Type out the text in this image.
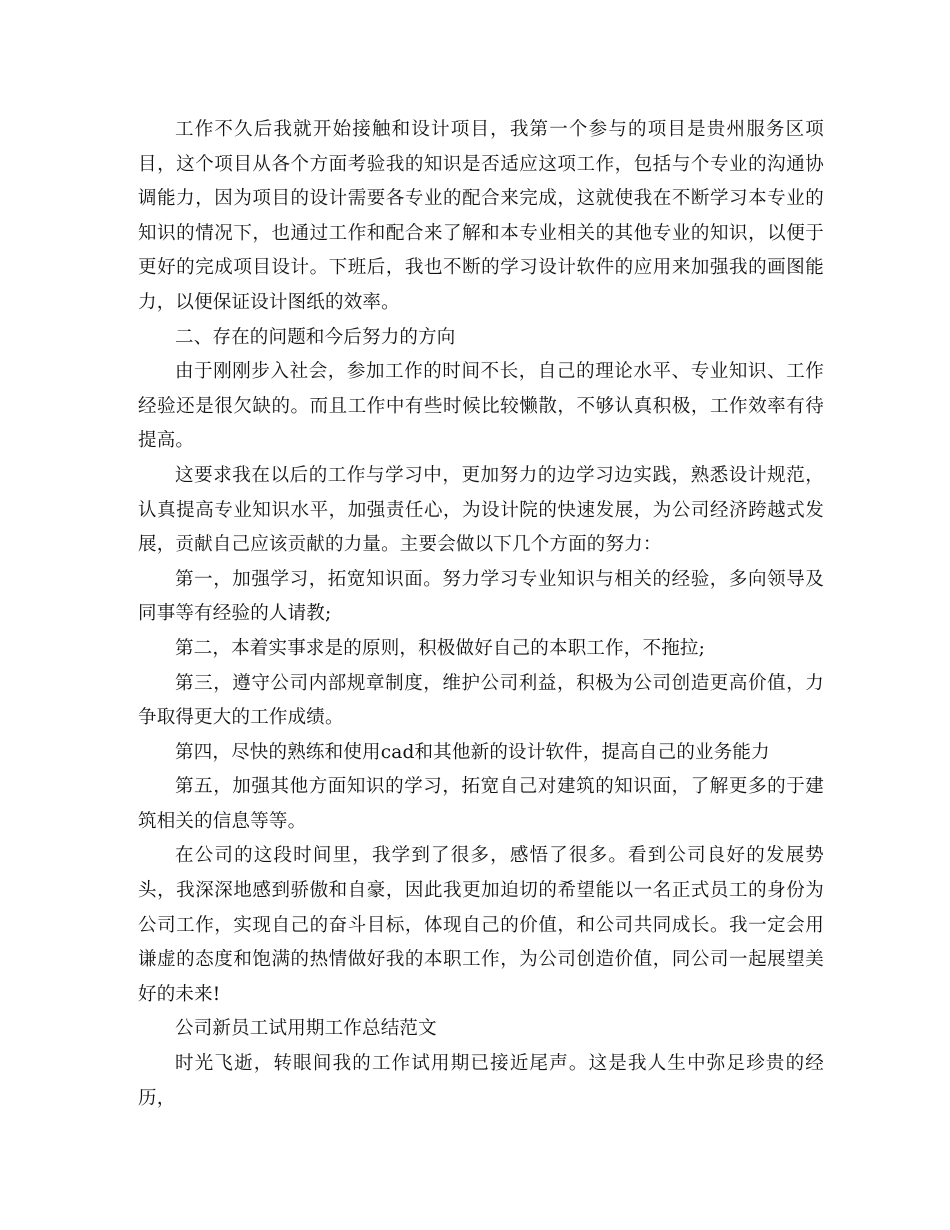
工作不久后我就开始接触和设计项目，我第一个参与的项目是贵州服务区项目，这个项目从各个方面考验我的知识是否适应这项工作，包括与个专业的沟通协调能力，因为项目的设计需要各专业的配合来完成，这就使我在不断学习本专业的知识的情况下，也通过工作和配合来了解和本专业相关的其他专业的知识，以便于更好的完成项目设计。下班后，我也不断的学习设计软件的应用来加强我的画图能力，以便保证设计图纸的效率。

二、存在的问题和今后努力的方向

由于刚刚步入社会，参加工作的时间不长，自己的理论水平、专业知识、工作经验还是很欠缺的。而且工作中有些时候比较懒散，不够认真积极，工作效率有待提高。

这要求我在以后的工作与学习中，更加努力的边学习边实践，熟悉设计规范，认真提高专业知识水平，加强责任心，为设计院的快速发展，为公司经济跨越式发展，贡献自己应该贡献的力量。主要会做以下几个方面的努力：

第一，加强学习，拓宽知识面。努力学习专业知识与相关的经验，多向领导及同事等有经验的人请教;

第二，本着实事求是的原则，积极做好自己的本职工作，不拖拉;

第三，遵守公司内部规章制度，维护公司利益，积极为公司创造更高价值，力争取得更大的工作成绩。

第四，尽快的熟练和使用cad和其他新的设计软件，提高自己的业务能力

第五，加强其他方面知识的学习，拓宽自己对建筑的知识面，了解更多的于建筑相关的信息等等。

在公司的这段时间里，我学到了很多，感悟了很多。看到公司良好的发展势头，我深深地感到骄傲和自豪，因此我更加迫切的希望能以一名正式员工的身份为公司工作，实现自己的奋斗目标，体现自己的价值，和公司共同成长。我一定会用谦虚的态度和饱满的热情做好我的本职工作，为公司创造价值，同公司一起展望美好的未来!

公司新员工试用期工作总结范文

时光飞逝，转眼间我的工作试用期已接近尾声。这是我人生中弥足珍贵的经历，
